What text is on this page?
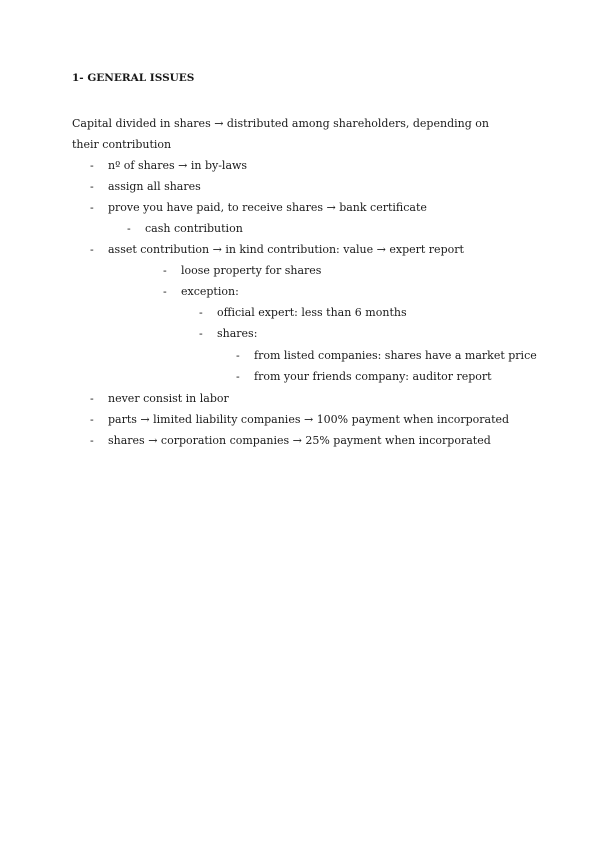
1- GENERAL ISSUES
Capital divided in shares → distributed among shareholders, depending on their contribution
- nº of shares → in by-laws
- assign all shares
- prove you have paid, to receive shares → bank certificate
- cash contribution
- asset contribution → in kind contribution: value → expert report
- loose property for shares
- exception:
- official expert: less than 6 months
- shares:
- from listed companies: shares have a market price
- from your friends company: auditor report
- never consist in labor
- parts → limited liability companies → 100% payment when incorporated
- shares → corporation companies → 25% payment when incorporated
